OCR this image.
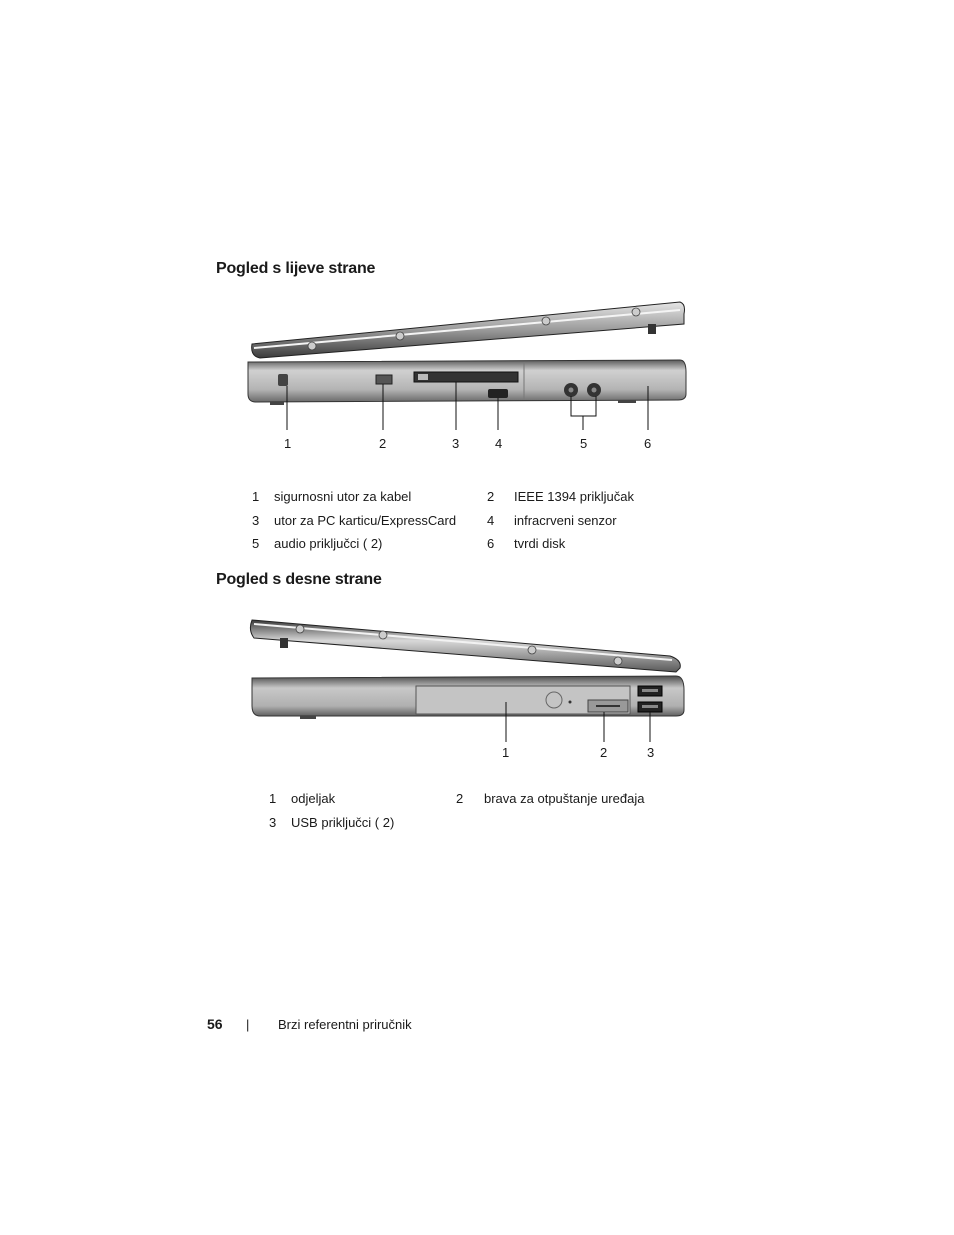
Pogled s lijeve strane
1	2	3	4	5	6
1	sigurnosni utor za kabel	2	IEEE 1394 priključak
3	utor za PC karticu/ExpressCard 4	infracrveni senzor
5	audio priključci ( 2)	6	tvrdi disk
Pogled s desne strane
1	2	3
1	odjeljak	2	brava za otpuštanje uređaja
3	USB priključci ( 2)
56 | Brzi referentni priručnik
